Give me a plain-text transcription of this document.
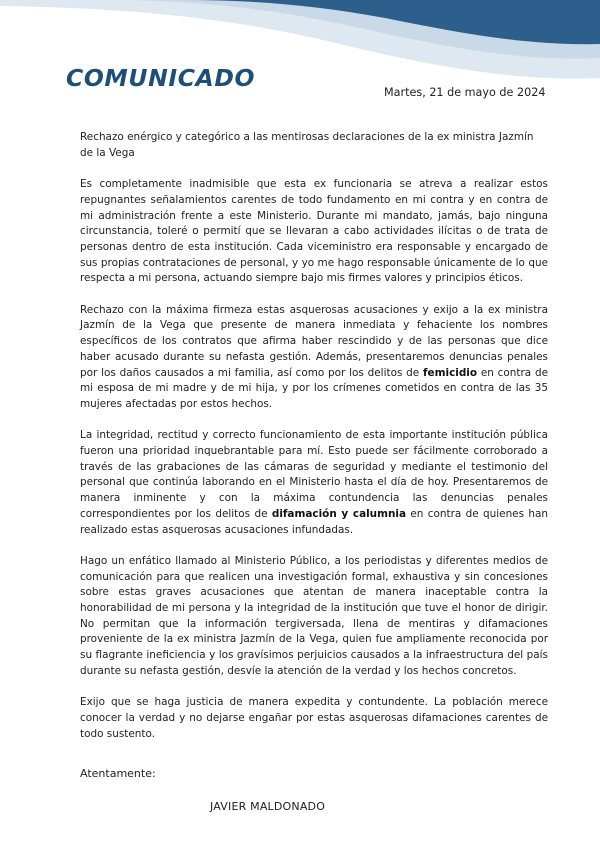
COMUNICADO
Martes, 21 de mayo de 2024

Rechazo enérgico y categórico a las mentirosas declaraciones de la ex ministra Jazmín de la Vega

Es completamente inadmisible que esta ex funcionaria se atreva a realizar estos repugnantes señalamientos carentes de todo fundamento en mi contra y en contra de mi administración frente a este Ministerio. Durante mi mandato, jamás, bajo ninguna circunstancia, toleré o permití que se llevaran a cabo actividades ilícitas o de trata de personas dentro de esta institución. Cada viceministro era responsable y encargado de sus propias contrataciones de personal, y yo me hago responsable únicamente de lo que respecta a mi persona, actuando siempre bajo mis firmes valores y principios éticos.

Rechazo con la máxima firmeza estas asquerosas acusaciones y exijo a la ex ministra Jazmín de la Vega que presente de manera inmediata y fehaciente los nombres específicos de los contratos que afirma haber rescindido y de las personas que dice haber acusado durante su nefasta gestión. Además, presentaremos denuncias penales por los daños causados a mi familia, así como por los delitos de femicidio en contra de mi esposa de mi madre y de mi hija, y por los crímenes cometidos en contra de las 35 mujeres afectadas por estos hechos.

La integridad, rectitud y correcto funcionamiento de esta importante institución pública fueron una prioridad inquebrantable para mí. Esto puede ser fácilmente corroborado a través de las grabaciones de las cámaras de seguridad y mediante el testimonio del personal que continúa laborando en el Ministerio hasta el día de hoy. Presentaremos de manera inminente y con la máxima contundencia las denuncias penales correspondientes por los delitos de difamación y calumnia en contra de quienes han realizado estas asquerosas acusaciones infundadas.

Hago un enfático llamado al Ministerio Público, a los periodistas y diferentes medios de comunicación para que realicen una investigación formal, exhaustiva y sin concesiones sobre estas graves acusaciones que atentan de manera inaceptable contra la honorabilidad de mi persona y la integridad de la institución que tuve el honor de dirigir. No permitan que la información tergiversada, llena de mentiras y difamaciones proveniente de la ex ministra Jazmín de la Vega, quien fue ampliamente reconocida por su flagrante ineficiencia y los gravísimos perjuicios causados a la infraestructura del país durante su nefasta gestión, desvíe la atención de la verdad y los hechos concretos.

Exijo que se haga justicia de manera expedita y contundente. La población merece conocer la verdad y no dejarse engañar por estas asquerosas difamaciones carentes de todo sustento.

Atentamente:
JAVIER MALDONADO
